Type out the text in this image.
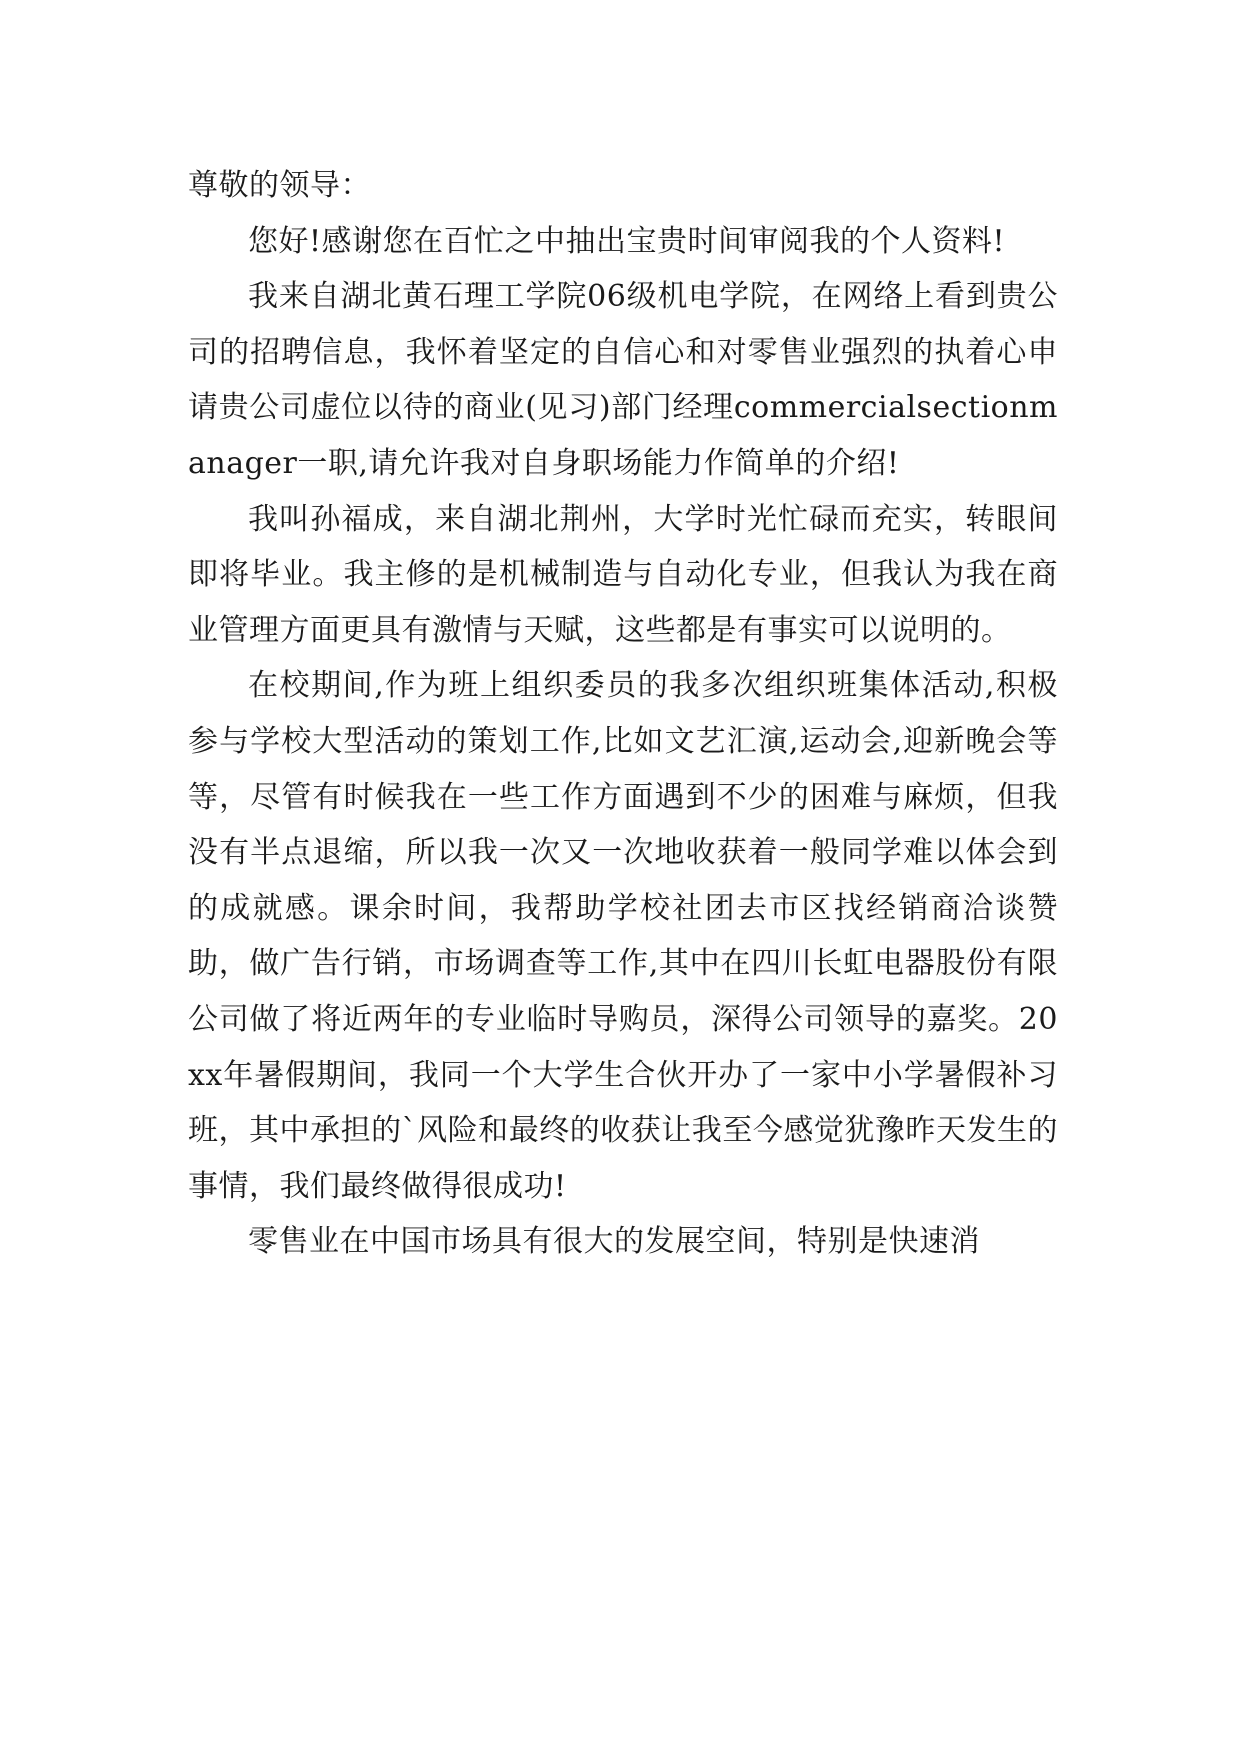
尊敬的领导：

您好!感谢您在百忙之中抽出宝贵时间审阅我的个人资料!

我来自湖北黄石理工学院06级机电学院，在网络上看到贵公司的招聘信息，我怀着坚定的自信心和对零售业强烈的执着心申请贵公司虚位以待的商业(见习)部门经理commercialsectionmanager一职,请允许我对自身职场能力作简单的介绍!

我叫孙福成，来自湖北荆州，大学时光忙碌而充实，转眼间即将毕业。我主修的是机械制造与自动化专业，但我认为我在商业管理方面更具有激情与天赋，这些都是有事实可以说明的。

在校期间,作为班上组织委员的我多次组织班集体活动,积极参与学校大型活动的策划工作,比如文艺汇演,运动会,迎新晚会等等，尽管有时候我在一些工作方面遇到不少的困难与麻烦，但我没有半点退缩，所以我一次又一次地收获着一般同学难以体会到的成就感。课余时间，我帮助学校社团去市区找经销商洽谈赞助，做广告行销，市场调查等工作,其中在四川长虹电器股份有限公司做了将近两年的专业临时导购员，深得公司领导的嘉奖。20xx年暑假期间，我同一个大学生合伙开办了一家中小学暑假补习班，其中承担的`风险和最终的收获让我至今感觉犹豫昨天发生的事情，我们最终做得很成功!

零售业在中国市场具有很大的发展空间，特别是快速消
